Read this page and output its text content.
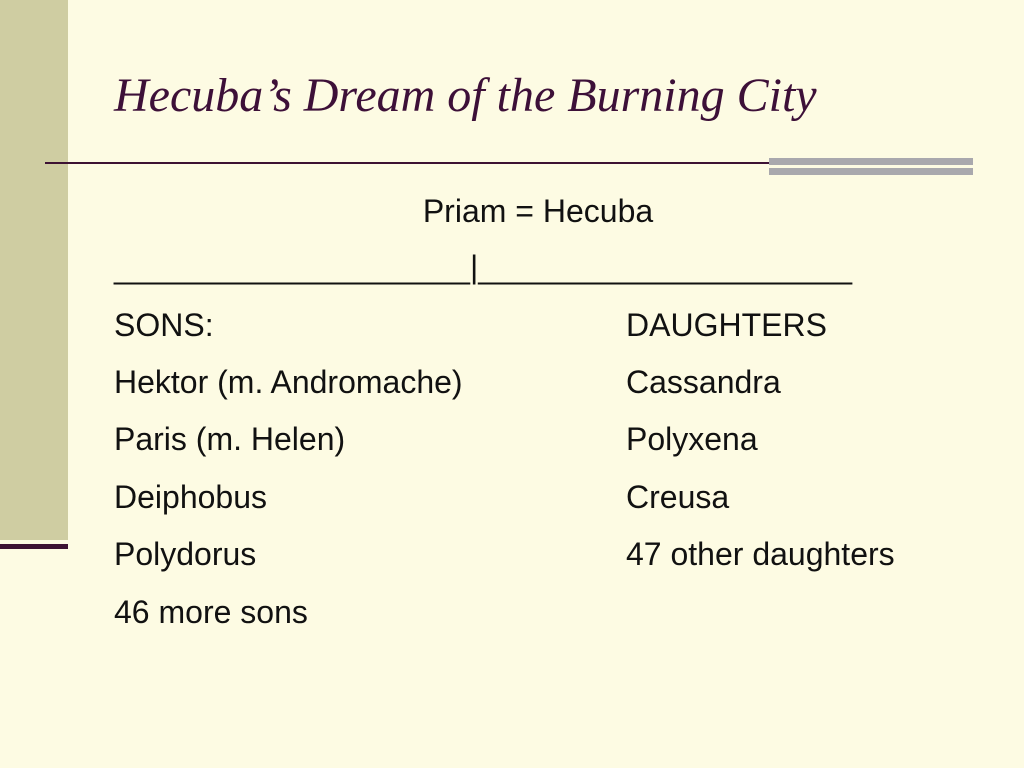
Hecuba’s Dream of the Burning City
Priam = Hecuba
____________________|_____________________
SONS:	DAUGHTERS
Hektor (m. Andromache)
Paris (m. Helen)
Deiphobus
Polydorus
46 more sons
Cassandra
Polyxena
Creusa
47 other daughters
